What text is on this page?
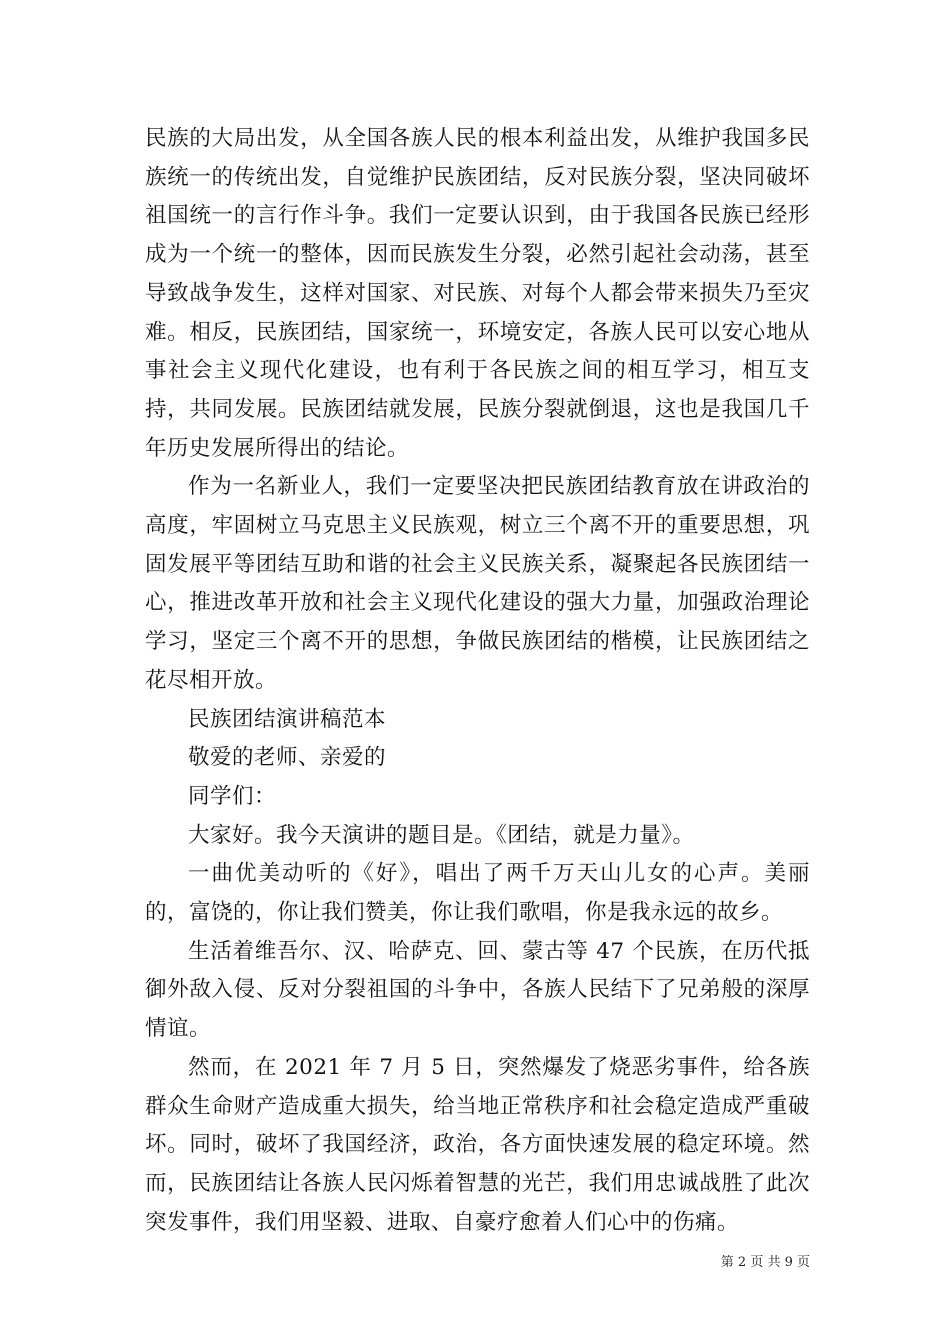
民族的大局出发，从全国各族人民的根本利益出发，从维护我国多民族统一的传统出发，自觉维护民族团结，反对民族分裂，坚决同破坏祖国统一的言行作斗争。我们一定要认识到，由于我国各民族已经形成为一个统一的整体，因而民族发生分裂，必然引起社会动荡，甚至导致战争发生，这样对国家、对民族、对每个人都会带来损失乃至灾难。相反，民族团结，国家统一，环境安定，各族人民可以安心地从事社会主义现代化建设，也有利于各民族之间的相互学习，相互支持，共同发展。民族团结就发展，民族分裂就倒退，这也是我国几千年历史发展所得出的结论。

作为一名新业人，我们一定要坚决把民族团结教育放在讲政治的高度，牢固树立马克思主义民族观，树立三个离不开的重要思想，巩固发展平等团结互助和谐的社会主义民族关系，凝聚起各民族团结一心，推进改革开放和社会主义现代化建设的强大力量，加强政治理论学习，坚定三个离不开的思想，争做民族团结的楷模，让民族团结之花尽相开放。

民族团结演讲稿范本

敬爱的老师、亲爱的

同学们：

大家好。我今天演讲的题目是。《团结，就是力量》。

一曲优美动听的《好》，唱出了两千万天山儿女的心声。美丽的，富饶的，你让我们赞美，你让我们歌唱，你是我永远的故乡。

生活着维吾尔、汉、哈萨克、回、蒙古等 47 个民族，在历代抵御外敌入侵、反对分裂祖国的斗争中，各族人民结下了兄弟般的深厚情谊。

然而，在 2021 年 7 月 5 日，突然爆发了烧恶劣事件，给各族群众生命财产造成重大损失，给当地正常秩序和社会稳定造成严重破坏。同时，破坏了我国经济，政治，各方面快速发展的稳定环境。然而，民族团结让各族人民闪烁着智慧的光芒，我们用忠诚战胜了此次突发事件，我们用坚毅、进取、自豪疗愈着人们心中的伤痛。

第 2 页 共 9 页
